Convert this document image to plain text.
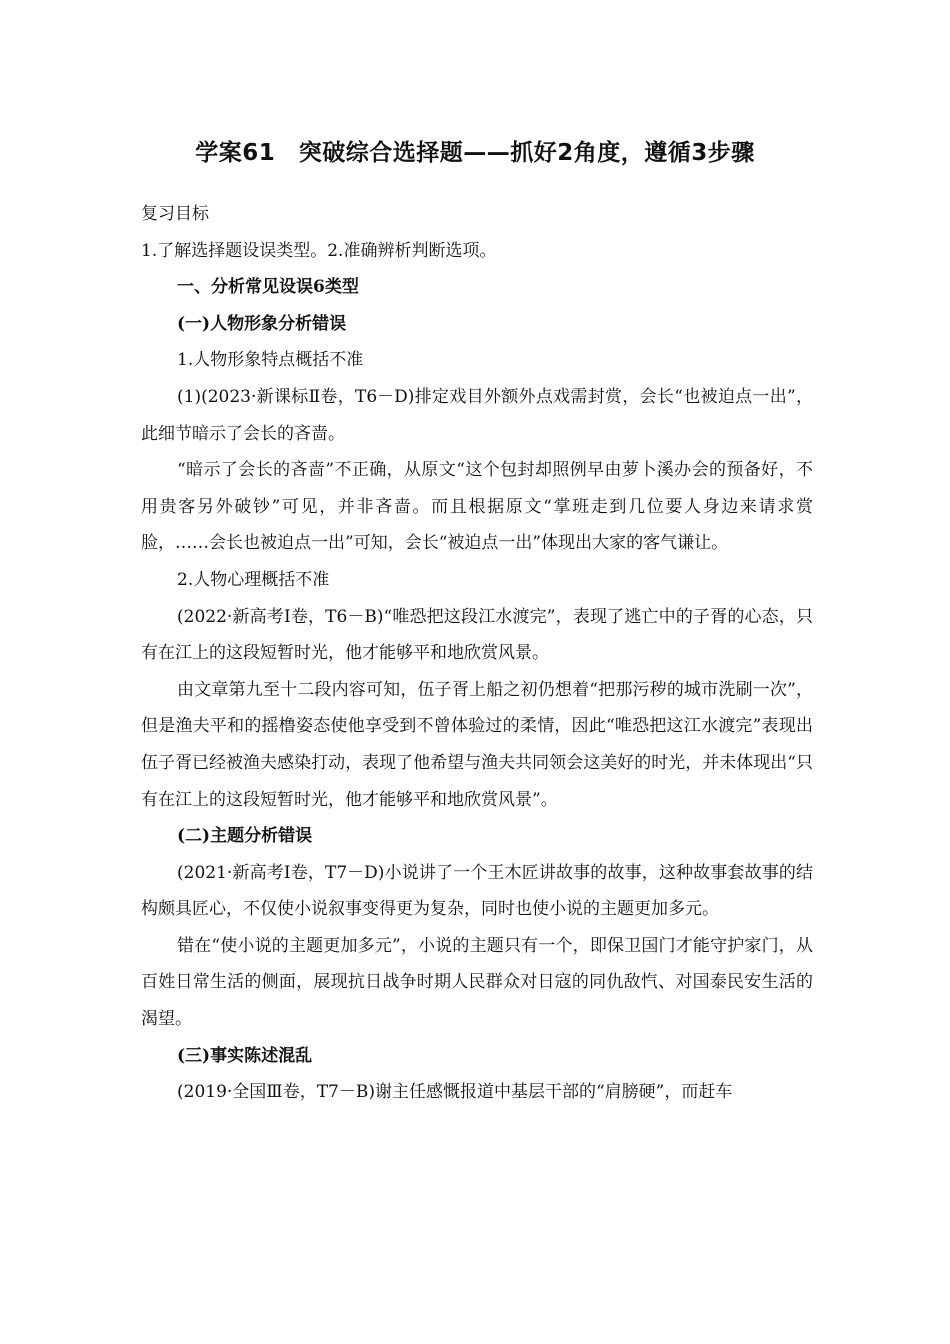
学案61　突破综合选择题——抓好2角度，遵循3步骤

复习目标

1.了解选择题设误类型。2.准确辨析判断选项。

一、分析常见设误6类型

(一)人物形象分析错误

1.人物形象特点概括不准

(1)(2023·新课标Ⅱ卷，T6－D)排定戏目外额外点戏需封赏，会长“也被迫点一出”，此细节暗示了会长的吝啬。

“暗示了会长的吝啬”不正确，从原文“这个包封却照例早由萝卜溪办会的预备好，不用贵客另外破钞”可见，并非吝啬。而且根据原文“掌班走到几位要人身边来请求赏脸，……会长也被迫点一出”可知，会长“被迫点一出”体现出大家的客气谦让。

2.人物心理概括不准

(2022·新高考Ⅰ卷，T6－B)“唯恐把这段江水渡完”，表现了逃亡中的子胥的心态，只有在江上的这段短暂时光，他才能够平和地欣赏风景。

由文章第九至十二段内容可知，伍子胥上船之初仍想着“把那污秽的城市洗刷一次”，但是渔夫平和的摇橹姿态使他享受到不曾体验过的柔情，因此“唯恐把这江水渡完”表现出伍子胥已经被渔夫感染打动，表现了他希望与渔夫共同领会这美好的时光，并未体现出“只有在江上的这段短暂时光，他才能够平和地欣赏风景”。

(二)主题分析错误

(2021·新高考Ⅰ卷，T7－D)小说讲了一个王木匠讲故事的故事，这种故事套故事的结构颇具匠心，不仅使小说叙事变得更为复杂，同时也使小说的主题更加多元。

错在“使小说的主题更加多元”，小说的主题只有一个，即保卫国门才能守护家门，从百姓日常生活的侧面，展现抗日战争时期人民群众对日寇的同仇敌忾、对国泰民安生活的渴望。

(三)事实陈述混乱

(2019·全国Ⅲ卷，T7－B)谢主任感慨报道中基层干部的“肩膀硬”，而赶车
